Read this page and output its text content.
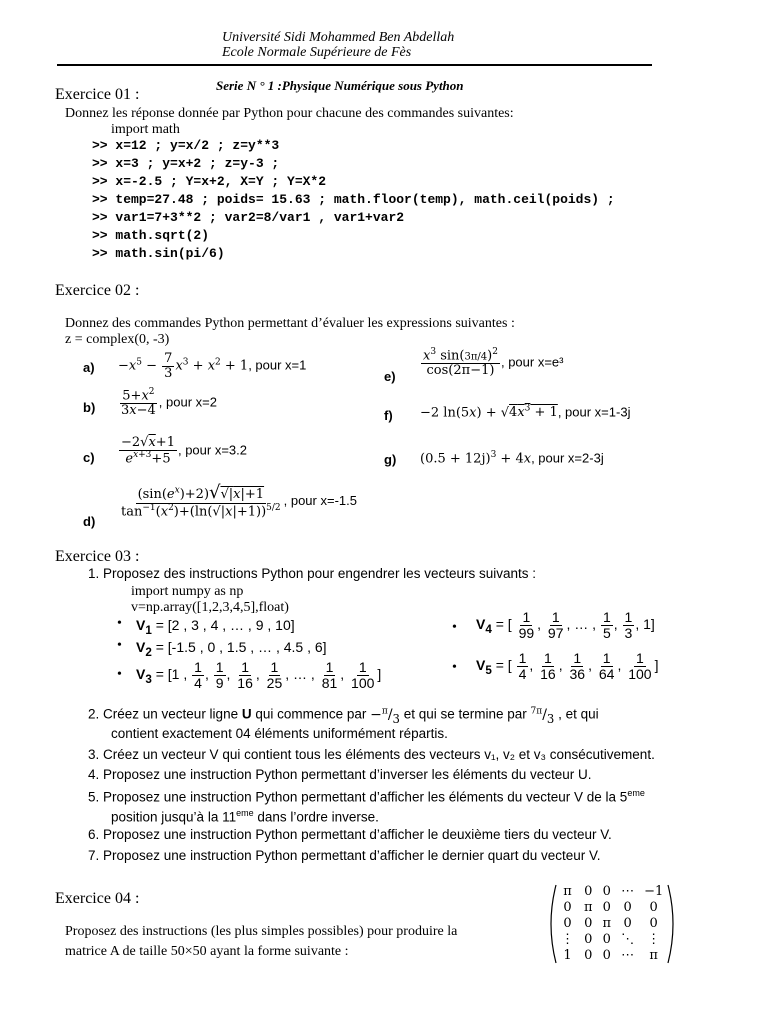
Université Sidi Mohammed Ben Abdellah
Ecole Normale Supérieure de Fès
Serie N ° 1 :Physique Numérique sous Python
Exercice 01 :
Donnez les réponse donnée par Python pour chacune des commandes suivantes:
import math
>> x=12 ; y=x/2 ; z=y**3
>> x=3 ; y=x+2 ; z=y-3 ;
>> x=-2.5 ; Y=x+2, X=Y ; Y=X*2
>> temp=27.48 ; poids= 15.63 ; math.floor(temp), math.ceil(poids) ;
>> var1=7+3**2 ; var2=8/var1 , var1+var2
>> math.sqrt(2)
>> math.sin(pi/6)
Exercice 02 :
Donnez des commandes Python permettant d’évaluer les expressions suivantes :
z = complex(0, -3)
$a) -x^5 - \frac{7}{3} x^3 + x^2 + 1$, pour x=1
$b) \frac{5+x^2}{3x-4}$ , pour x=2
$c) \frac{-2√x+1}{e^{x+3}+5}$ , pour x=3.2
d)
$\frac{(\sin(e^x)+2)√√|x|+1}{\tan^{-1}(x^2)+(\ln(√|x|+1))^{5/2}}$ , pour x=-1.5
$e) \frac{x^3 \sin(3\pi/4)^2}{\cos(2\pi-1)}$ , pour x=e³
f) −2 $\ln(5x) + √4x^3 + 1$, pour x=1-3j
g) $(0.5 + 12j)^3 + 4x$, pour x=2-3j
Exercice 03 :
1. Proposez des instructions Python pour engendrer les vecteurs suivants :
import numpy as np
v=np.array([1,2,3,4,5],float)
• $V_1 = [2$ , 3 , 4 , … , 9 , 10]
• $V_2 = [-1.5$ , 0 , 1.5 , … , 4.5 , 6]
• $V_3 = [1$ , $\frac{1}{4}$ , $\frac{1}{9}$ , $\frac{1}{16}$ , $\frac{1}{25}$ , … , $\frac{1}{81}$ , $\frac{1}{100}$ ]
• $V_4$ = [ $\frac{1}{99}$ , $\frac{1}{97}$ , … , $\frac{1}{5}$ , $\frac{1}{3}$ , 1]
• $V_5$ = [ $\frac{1}{4}$ , $\frac{1}{16}$ , $\frac{1}{36}$ , $\frac{1}{64}$ , $\frac{1}{100}$ ]
2. Créez un vecteur ligne U qui commence par $-^\pi/_3$ et qui se termine par $^{7\pi}/_3$ , et qui
contient exactement 04 éléments uniformément répartis.
3. Créez un vecteur V qui contient tous les éléments des vecteurs v₁, v₂ et v₃ consécutivement.
4. Proposez une instruction Python permettant d’inverser les éléments du vecteur U.
5. Proposez une instruction Python permettant d’afficher les éléments du vecteur V de la 5eme
position jusqu’à la 11eme dans l’ordre inverse.
6. Proposez une instruction Python permettant d’afficher le deuxième tiers du vecteur V.
7. Proposez une instruction Python permettant d’afficher le dernier quart du vecteur V.
Exercice 04 :
Proposez des instructions (les plus simples possibles) pour produire la
matrice A de taille 50×50 ayant la forme suivante :
π	0	0	⋯	−1
0	π	0	0	0
0	0	π	0	0
⋮	0	0	⋱	⋮
1	0	0	⋯	π
